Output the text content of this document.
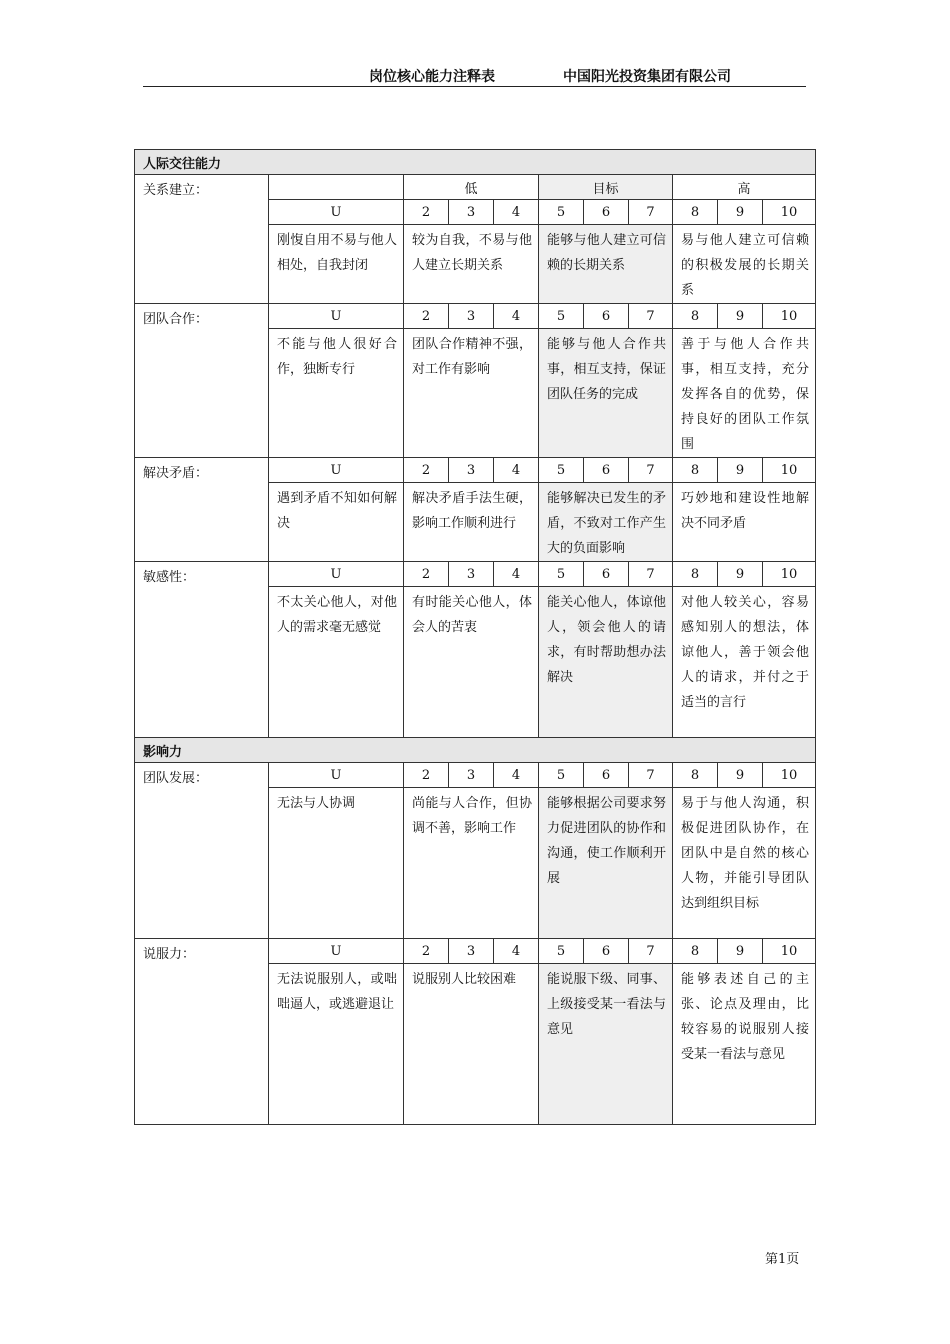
岗位核心能力注释表	中国阳光投资集团有限公司
人际交往能力										
关系建立：		低			目标			高		
	U	2	3	4	5	6	7	8	9	10
	刚愎自用不易与他人相处，自我封闭	较为自我，不易与他人建立长期关系			能够与他人建立可信赖的长期关系			易与他人建立可信赖的积极发展的长期关系		
团队合作：	U	2	3	4	5	6	7	8	9	10
	不能与他人很好合作，独断专行	团队合作精神不强，对工作有影响			能够与他人合作共事，相互支持，保证团队任务的完成			善于与他人合作共事，相互支持，充分发挥各自的优势，保持良好的团队工作氛围		
解决矛盾：	U	2	3	4	5	6	7	8	9	10
	遇到矛盾不知如何解决	解决矛盾手法生硬，影响工作顺利进行			能够解决已发生的矛盾，不致对工作产生大的负面影响			巧妙地和建设性地解决不同矛盾		
敏感性：	U	2	3	4	5	6	7	8	9	10
	不太关心他人，对他人的需求毫无感觉	有时能关心他人，体会人的苦衷			能关心他人，体谅他人，领会他人的请求，有时帮助想办法解决			对他人较关心，容易感知别人的想法，体谅他人，善于领会他人的请求，并付之于适当的言行		
影响力										
团队发展：	U	2	3	4	5	6	7	8	9	10
	无法与人协调	尚能与人合作，但协调不善，影响工作			能够根据公司要求努力促进团队的协作和沟通，使工作顺利开展			易于与他人沟通，积极促进团队协作，在团队中是自然的核心人物，并能引导团队达到组织目标		
说服力：	U	2	3	4	5	6	7	8	9	10
	无法说服别人，或咄咄逼人，或逃避退让	说服别人比较困难			能说服下级、同事、上级接受某一看法与意见			能够表述自己的主张、论点及理由，比较容易的说服别人接受某一看法与意见		
第1页
